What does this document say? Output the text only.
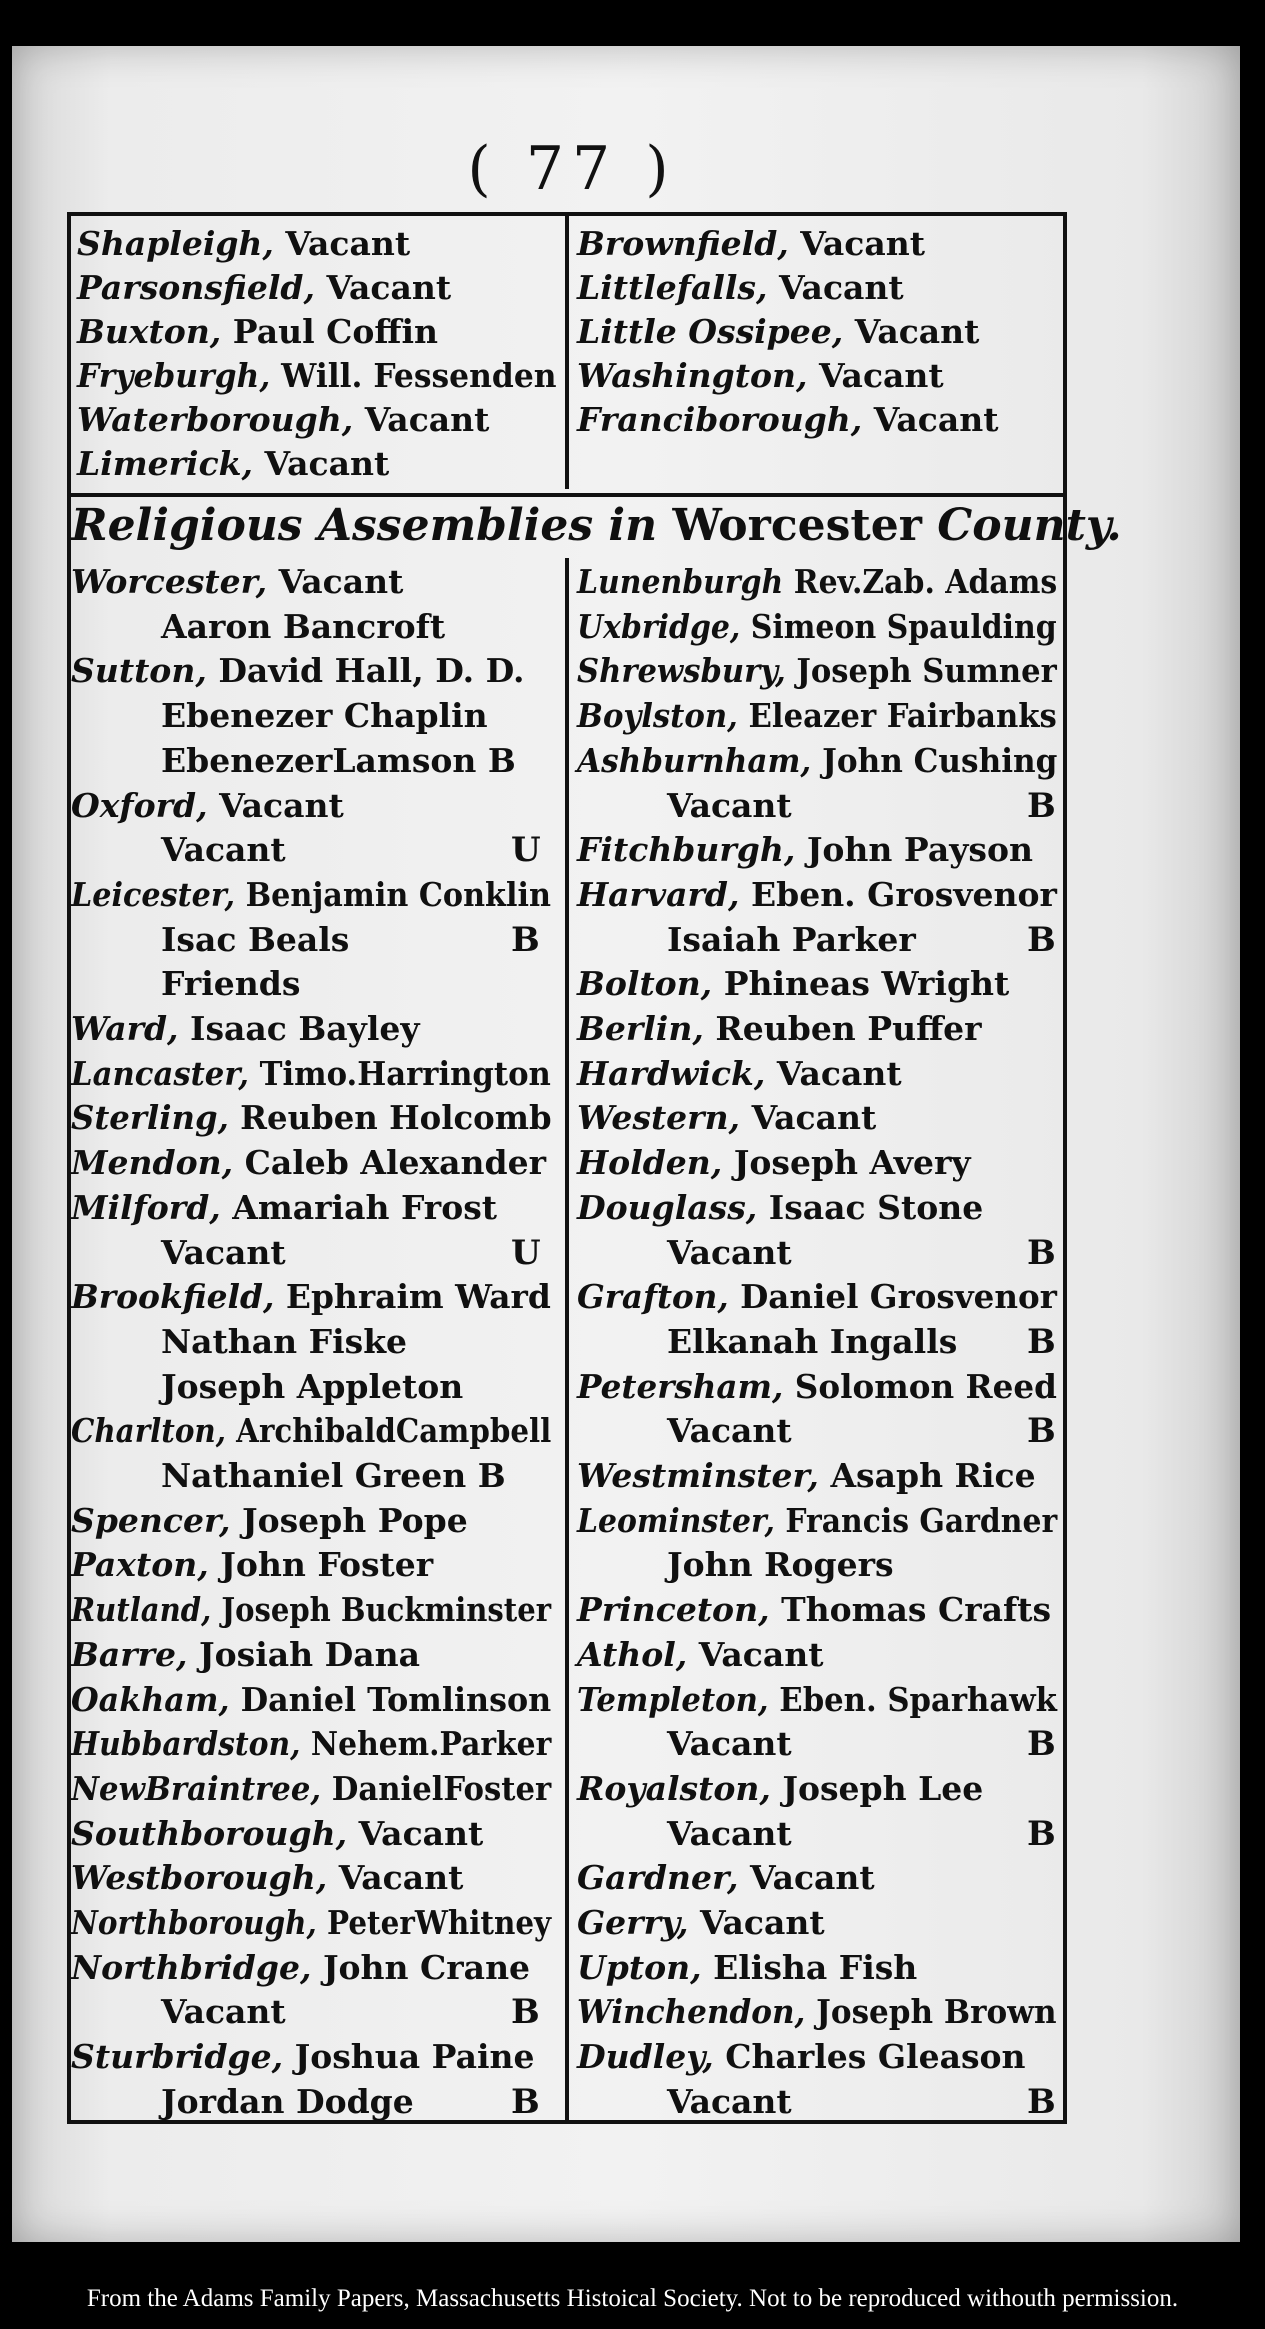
( 77 )
Shapleigh, Vacant
Parsonsfield, Vacant
Buxton, Paul Coffin
Fryeburgh, Will. Fessenden
Waterborough, Vacant
Limerick, Vacant
Brownfield, Vacant
Littlefalls, Vacant
Little Ossipee, Vacant
Washington, Vacant
Franciborough, Vacant
Religious Assemblies in Worcester County.
Worcester, Vacant
Aaron Bancroft
Sutton, David Hall, D. D.
Ebenezer Chaplin
EbenezerLamson B
Oxford, Vacant
Vacant	U
Leicester, Benjamin Conklin
Isac Beals	B
Friends
Ward, Isaac Bayley
Lancaster, Timo.Harrington
Sterling, Reuben Holcomb
Mendon, Caleb Alexander
Milford, Amariah Frost
Vacant	U
Brookfield, Ephraim Ward
Nathan Fiske
Joseph Appleton
Charlton, ArchibaldCampbell
Nathaniel Green B
Spencer, Joseph Pope
Paxton, John Foster
Rutland, Joseph Buckminster
Barre, Josiah Dana
Oakham, Daniel Tomlinson
Hubbardston, Nehem.Parker
NewBraintree, DanielFoster
Southborough, Vacant
Westborough, Vacant
Northborough, PeterWhitney
Northbridge, John Crane
Vacant	B
Sturbridge, Joshua Paine
Jordan Dodge	B
Lunenburgh Rev.Zab. Adams
Uxbridge, Simeon Spaulding
Shrewsbury, Joseph Sumner
Boylston, Eleazer Fairbanks
Ashburnham, John Cushing
Vacant	B
Fitchburgh, John Payson
Harvard, Eben. Grosvenor
Isaiah Parker	B
Bolton, Phineas Wright
Berlin, Reuben Puffer
Hardwick, Vacant
Western, Vacant
Holden, Joseph Avery
Douglass, Isaac Stone
Vacant	B
Grafton, Daniel Grosvenor
Elkanah Ingalls B
Petersham, Solomon Reed
Vacant	B
Westminster, Asaph Rice
Leominster, Francis Gardner
John Rogers
Princeton, Thomas Crafts
Athol, Vacant
Templeton, Eben. Sparhawk
Vacant	B
Royalston, Joseph Lee
Vacant	B
Gardner, Vacant
Gerry, Vacant
Upton, Elisha Fish
Winchendon, Joseph Brown
Dudley, Charles Gleason
Vacant	B
From the Adams Family Papers, Massachusetts Histoical Society. Not to be reproduced withouth permission.
